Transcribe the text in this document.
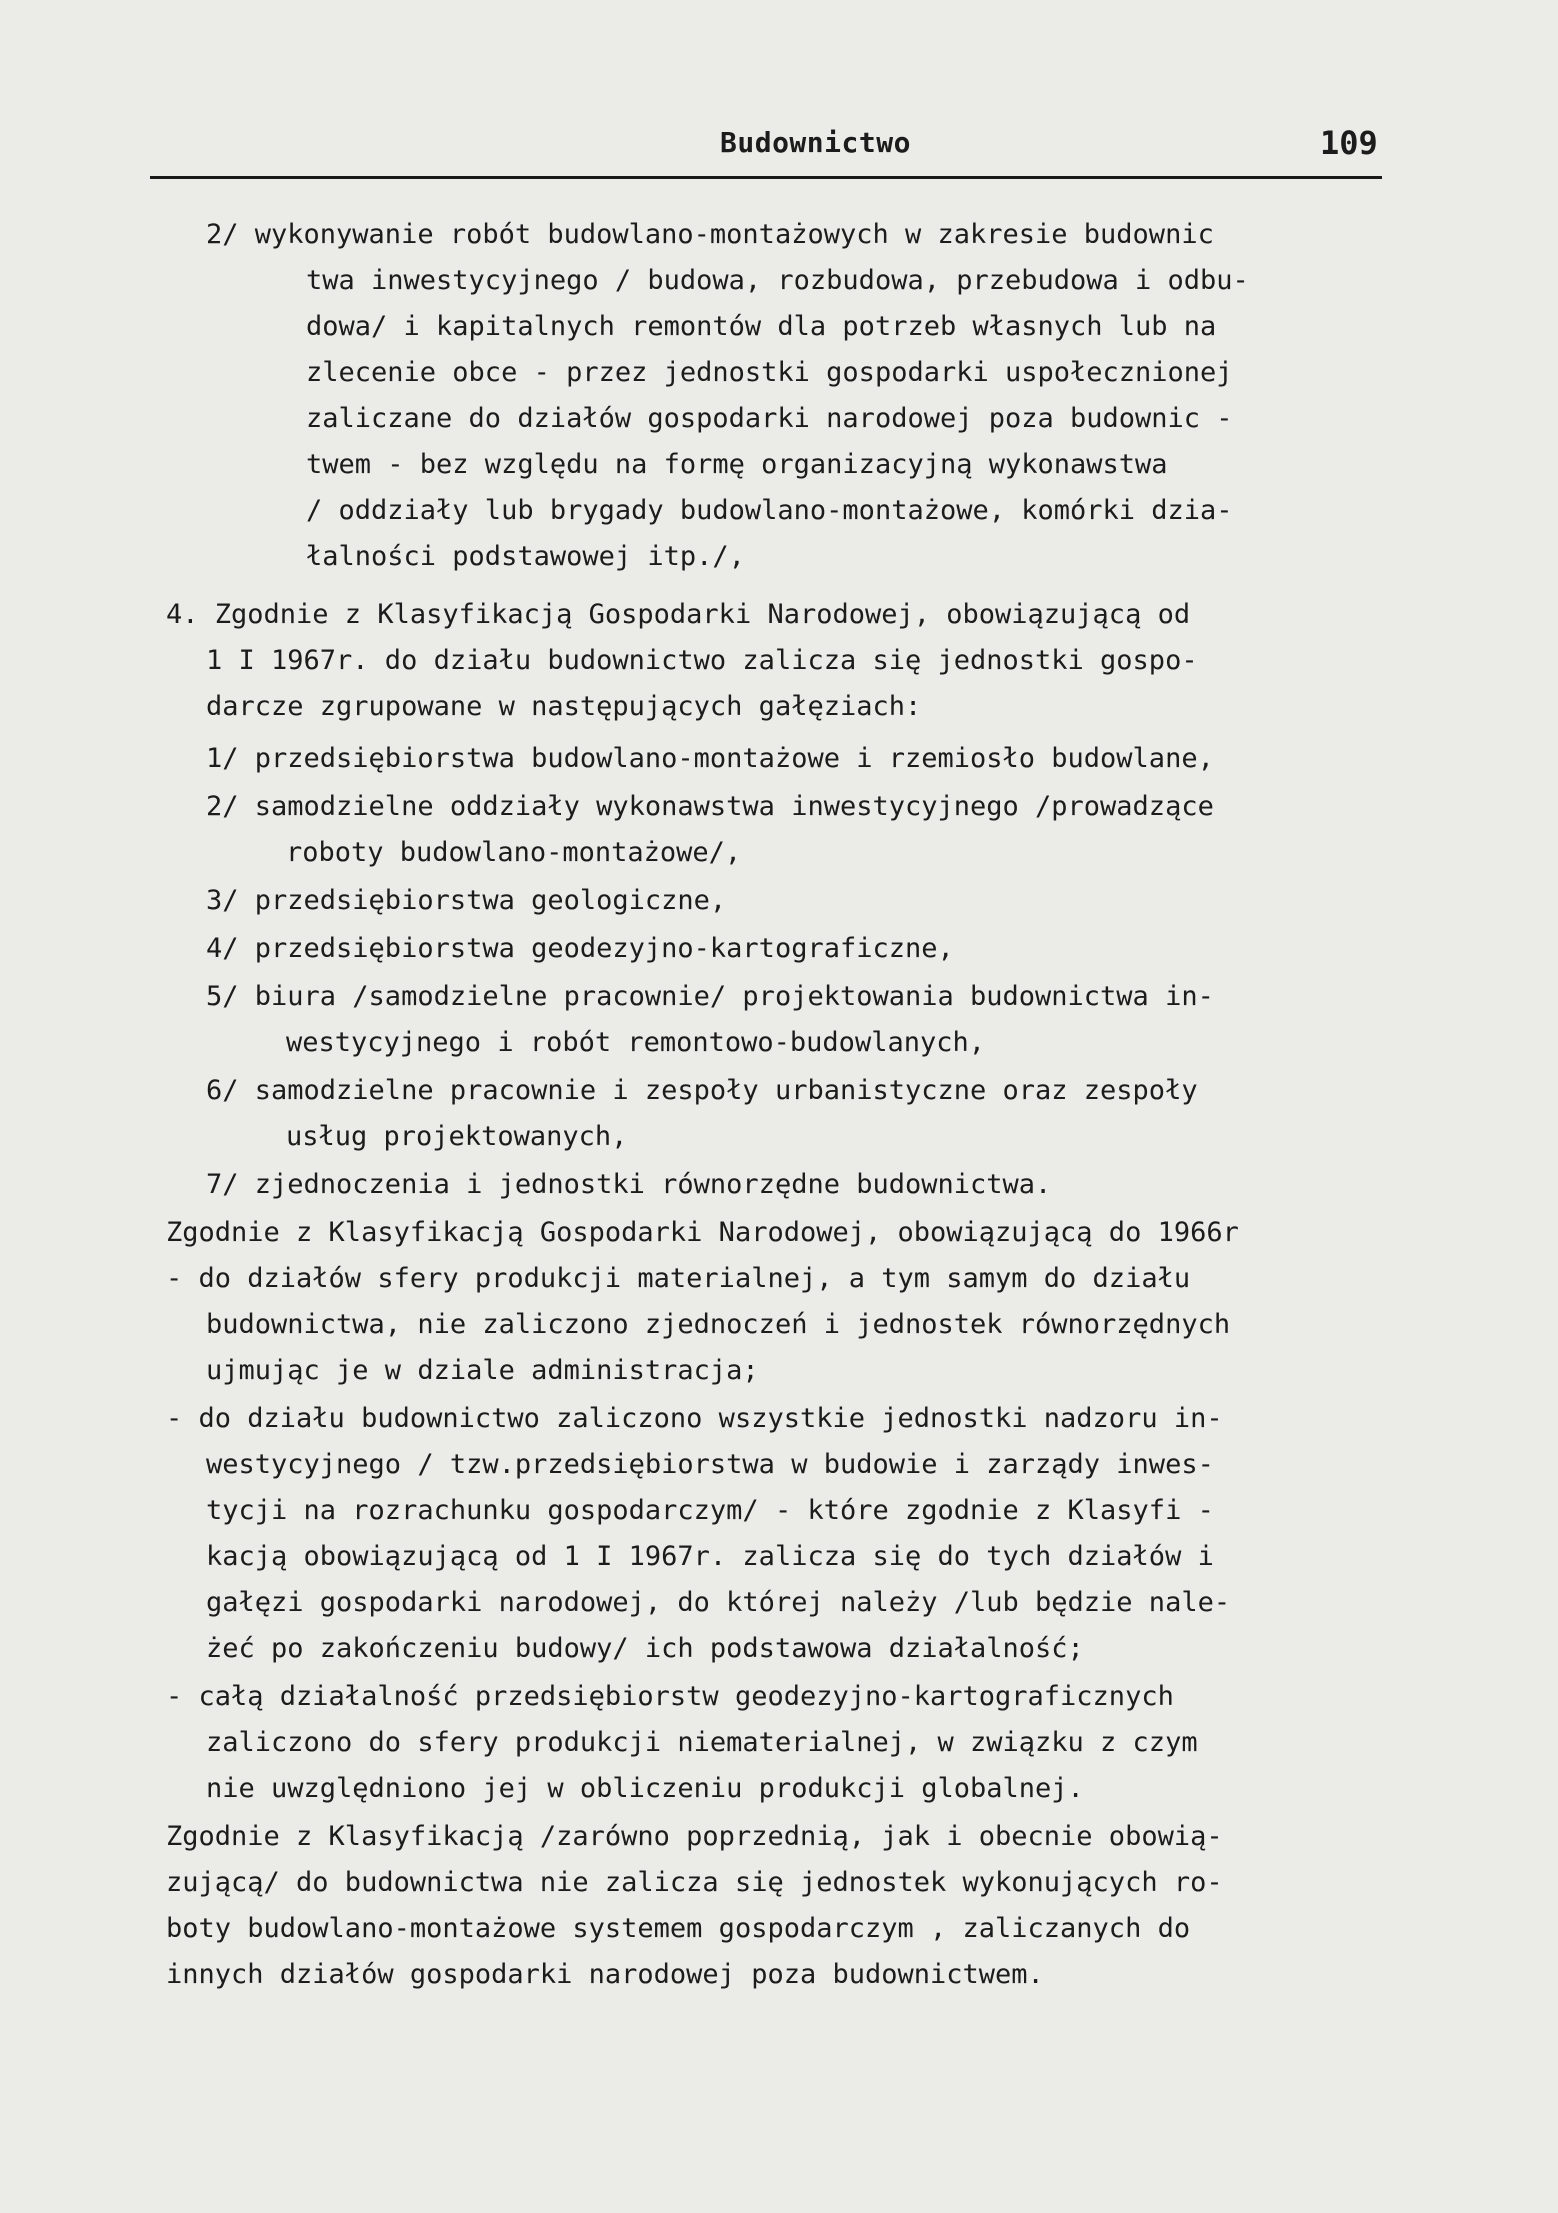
Budownictwo	109
2/ wykonywanie robót budowlano-montażowych w zakresie budownic
twa inwestycyjnego / budowa, rozbudowa, przebudowa i odbu-
dowa/ i kapitalnych remontów dla potrzeb własnych lub na
zlecenie obce - przez jednostki gospodarki uspołecznionej
zaliczane do działów gospodarki narodowej poza budownic -
twem - bez względu na formę organizacyjną wykonawstwa
/ oddziały lub brygady budowlano-montażowe, komórki dzia-
łalności podstawowej itp./,
4. Zgodnie z Klasyfikacją Gospodarki Narodowej, obowiązującą od
1 I 1967r. do działu budownictwo zalicza się jednostki gospo-
darcze zgrupowane w następujących gałęziach:
1/ przedsiębiorstwa budowlano-montażowe i rzemiosło budowlane,
2/ samodzielne oddziały wykonawstwa inwestycyjnego /prowadzące
roboty budowlano-montażowe/,
3/ przedsiębiorstwa geologiczne,
4/ przedsiębiorstwa geodezyjno-kartograficzne,
5/ biura /samodzielne pracownie/ projektowania budownictwa in-
westycyjnego i robót remontowo-budowlanych,
6/ samodzielne pracownie i zespoły urbanistyczne oraz zespoły
usług projektowanych,
7/ zjednoczenia i jednostki równorzędne budownictwa.
Zgodnie z Klasyfikacją Gospodarki Narodowej, obowiązującą do 1966r
- do działów sfery produkcji materialnej, a tym samym do działu
budownictwa, nie zaliczono zjednoczeń i jednostek równorzędnych
ujmując je w dziale administracja;
- do działu budownictwo zaliczono wszystkie jednostki nadzoru in-
westycyjnego / tzw.przedsiębiorstwa w budowie i zarządy inwes-
tycji na rozrachunku gospodarczym/ - które zgodnie z Klasyfi -
kacją obowiązującą od 1 I 1967r. zalicza się do tych działów i
gałęzi gospodarki narodowej, do której należy /lub będzie nale-
żeć po zakończeniu budowy/ ich podstawowa działalność;
- całą działalność przedsiębiorstw geodezyjno-kartograficznych
zaliczono do sfery produkcji niematerialnej, w związku z czym
nie uwzględniono jej w obliczeniu produkcji globalnej.
Zgodnie z Klasyfikacją /zarówno poprzednią, jak i obecnie obowią-
zującą/ do budownictwa nie zalicza się jednostek wykonujących ro-
boty budowlano-montażowe systemem gospodarczym , zaliczanych do
innych działów gospodarki narodowej poza budownictwem.
